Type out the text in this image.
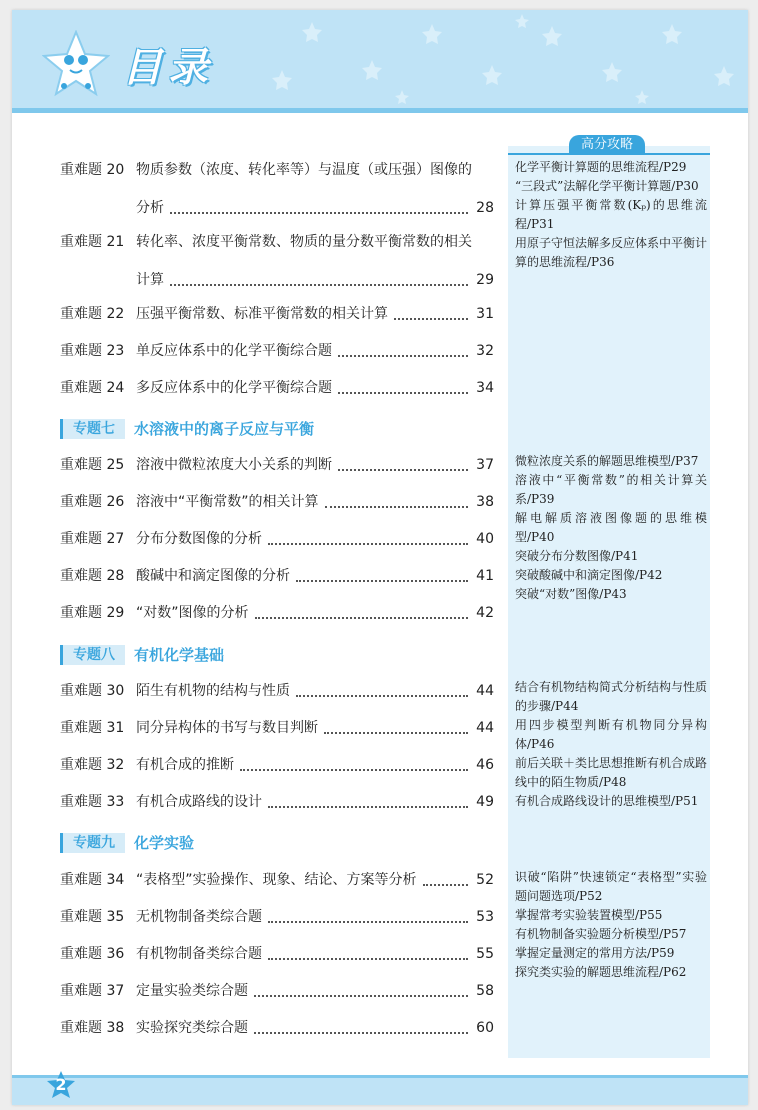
目录
重难题 20 物质参数（浓度、转化率等）与温度（或压强）图像的
分析	28
重难题 21 转化率、浓度平衡常数、物质的量分数平衡常数的相关
计算	29
重难题 22 压强平衡常数、标准平衡常数的相关计算	31
重难题 23 单反应体系中的化学平衡综合题	32
重难题 24 多反应体系中的化学平衡综合题	34
重难题 25 溶液中微粒浓度大小关系的判断	37
重难题 26 溶液中“平衡常数”的相关计算	38
重难题 27 分布分数图像的分析	40
重难题 28 酸碱中和滴定图像的分析	41
重难题 29 “对数”图像的分析	42
重难题 30 陌生有机物的结构与性质	44
重难题 31 同分异构体的书写与数目判断	44
重难题 32 有机合成的推断	46
重难题 33 有机合成路线的设计	49
重难题 34 “表格型”实验操作、现象、结论、方案等分析	52
重难题 35 无机物制备类综合题	53
重难题 36 有机物制备类综合题	55
重难题 37 定量实验类综合题	58
重难题 38 实验探究类综合题	60
专题七	水溶液中的离子反应与平衡
专题八	有机化学基础
专题九	化学实验
高分攻略
化学平衡计算题的思维流程/P29
“三段式”法解化学平衡计算题/P30
计算压强平衡常数(Kₚ)的思维流程/P31
用原子守恒法解多反应体系中平衡计算的思维流程/P36
微粒浓度关系的解题思维模型/P37
溶液中“平衡常数”的相关计算关系/P39
解电解质溶液图像题的思维模型/P40
突破分布分数图像/P41
突破酸碱中和滴定图像/P42
突破“对数”图像/P43
结合有机物结构简式分析结构与性质的步骤/P44
用四步模型判断有机物同分异构体/P46
前后关联＋类比思想推断有机合成路线中的陌生物质/P48
有机合成路线设计的思维模型/P51
识破“陷阱”快速锁定“表格型”实验题问题选项/P52
掌握常考实验装置模型/P55
有机物制备实验题分析模型/P57
掌握定量测定的常用方法/P59
探究类实验的解题思维流程/P62
2
